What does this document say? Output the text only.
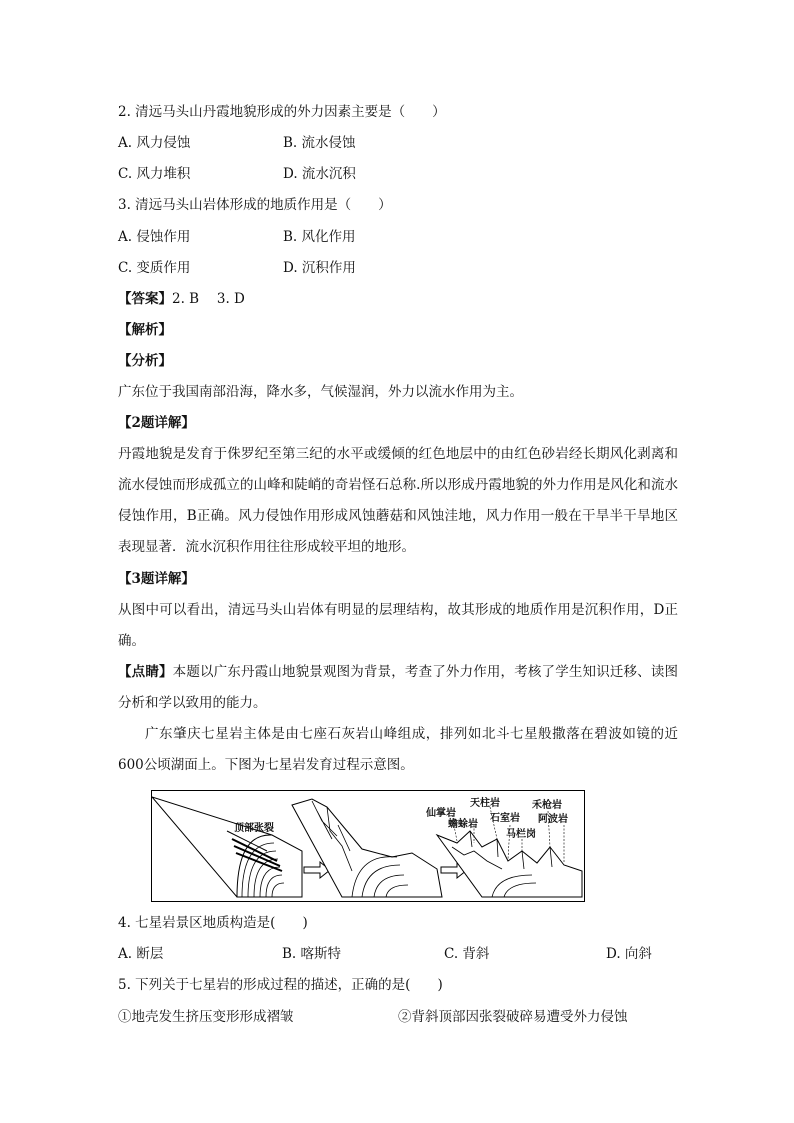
2. 清远马头山丹霞地貌形成的外力因素主要是（　　）
A. 风力侵蚀	B. 流水侵蚀
C. 风力堆积	D. 流水沉积
3. 清远马头山岩体形成的地质作用是（　　）
A. 侵蚀作用	B. 风化作用
C. 变质作用	D. 沉积作用
【答案】2. B　 3. D
【解析】
【分析】
广东位于我国南部沿海，降水多，气候湿润，外力以流水作用为主。
【2题详解】
丹霞地貌是发育于侏罗纪至第三纪的水平或缓倾的红色地层中的由红色砂岩经长期风化剥离和流水侵蚀而形成孤立的山峰和陡峭的奇岩怪石总称.所以形成丹霞地貌的外力作用是风化和流水侵蚀作用，B正确。风力侵蚀作用形成风蚀蘑菇和风蚀洼地，风力作用一般在干旱半干旱地区表现显著．流水沉积作用往往形成较平坦的地形。
【3题详解】
从图中可以看出，清远马头山岩体有明显的层理结构，故其形成的地质作用是沉积作用，D正确。
【点睛】本题以广东丹霞山地貌景观图为背景，考查了外力作用，考核了学生知识迁移、读图分析和学以致用的能力。
广东肇庆七星岩主体是由七座石灰岩山峰组成，排列如北斗七星般撒落在碧波如镜的近600公顷湖面上。下图为七星岩发育过程示意图。
顶部张裂
仙掌岩
蟾蜍岩
天柱岩
石室岩
马栏岗
禾枪岩
阿波岩
4. 七星岩景区地质构造是(　　)
A. 断层	B. 喀斯特	C. 背斜	D. 向斜
5. 下列关于七星岩的形成过程的描述，正确的是(　　)
①地壳发生挤压变形形成褶皱	②背斜顶部因张裂破碎易遭受外力侵蚀
